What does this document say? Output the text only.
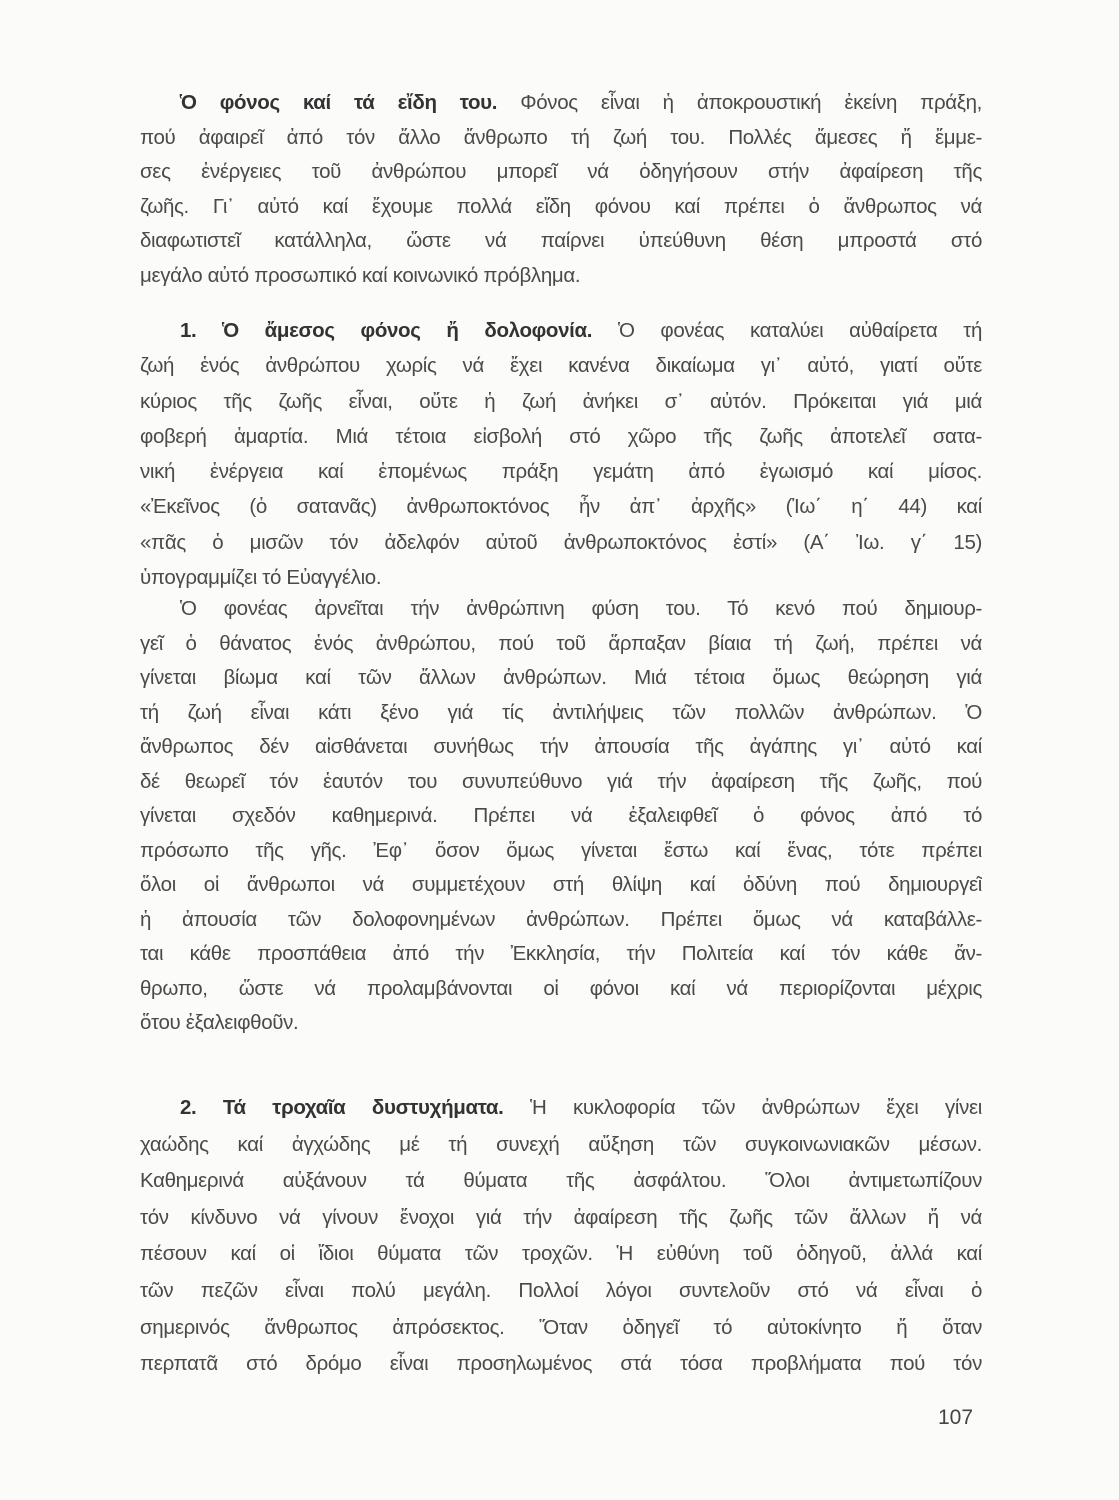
Ὁ φόνος καί τά εἴδη του. Φόνος εἶναι ἡ ἀποκρουστική ἐκείνη πράξη,
πού ἀφαιρεῖ ἀπό τόν ἄλλο ἄνθρωπο τή ζωή του. Πολλές ἄμεσες ἤ ἔμμε-
σες ἐνέργειες τοῦ ἀνθρώπου μπορεῖ νά ὁδηγήσουν στήν ἀφαίρεση τῆς
ζωῆς. Γι᾽ αὐτό καί ἔχουμε πολλά εἴδη φόνου καί πρέπει ὁ ἄνθρωπος νά
διαφωτιστεῖ κατάλληλα, ὥστε νά παίρνει ὑπεύθυνη θέση μπροστά στό
μεγάλο αὐτό προσωπικό καί κοινωνικό πρόβλημα.
1. Ὁ ἄμεσος φόνος ἤ δολοφονία. Ὁ φονέας καταλύει αὐθαίρετα τή
ζωή ἑνός ἀνθρώπου χωρίς νά ἔχει κανένα δικαίωμα γι᾽ αὐτό, γιατί οὔτε
κύριος τῆς ζωῆς εἶναι, οὔτε ἡ ζωή ἀνήκει σ᾽ αὐτόν. Πρόκειται γιά μιά
φοβερή ἁμαρτία. Μιά τέτοια εἰσβολή στό χῶρο τῆς ζωῆς ἀποτελεῖ σατα-
νική ἐνέργεια καί ἑπομένως πράξη γεμάτη ἀπό ἐγωισμό καί μίσος.
«Ἐκεῖνος (ὁ σατανᾶς) ἀνθρωποκτόνος ἦν ἀπ᾽ ἀρχῆς» (Ἰω΄ η΄ 44) καί
«πᾶς ὁ μισῶν τόν ἀδελφόν αὐτοῦ ἀνθρωποκτόνος ἐστί» (Α΄ Ἰω. γ΄ 15)
ὑπογραμμίζει τό Εὐαγγέλιο.
Ὁ φονέας ἀρνεῖται τήν ἀνθρώπινη φύση του. Τό κενό πού δημιουρ-
γεῖ ὁ θάνατος ἑνός ἀνθρώπου, πού τοῦ ἅρπαξαν βίαια τή ζωή, πρέπει νά
γίνεται βίωμα καί τῶν ἄλλων ἀνθρώπων. Μιά τέτοια ὅμως θεώρηση γιά
τή ζωή εἶναι κάτι ξένο γιά τίς ἀντιλήψεις τῶν πολλῶν ἀνθρώπων. Ὁ
ἄνθρωπος δέν αἰσθάνεται συνήθως τήν ἀπουσία τῆς ἀγάπης γι᾽ αὐτό καί
δέ θεωρεῖ τόν ἑαυτόν του συνυπεύθυνο γιά τήν ἀφαίρεση τῆς ζωῆς, πού
γίνεται σχεδόν καθημερινά. Πρέπει νά ἐξαλειφθεῖ ὁ φόνος ἀπό τό
πρόσωπο τῆς γῆς. Ἐφ᾽ ὅσον ὅμως γίνεται ἔστω καί ἕνας, τότε πρέπει
ὅλοι οἱ ἄνθρωποι νά συμμετέχουν στή θλίψη καί ὀδύνη πού δημιουργεῖ
ἡ ἀπουσία τῶν δολοφονημένων ἀνθρώπων. Πρέπει ὅμως νά καταβάλλε-
ται κάθε προσπάθεια ἀπό τήν Ἐκκλησία, τήν Πολιτεία καί τόν κάθε ἄν-
θρωπο, ὥστε νά προλαμβάνονται οἱ φόνοι καί νά περιορίζονται μέχρις
ὅτου ἐξαλειφθοῦν.
2. Τά τροχαῖα δυστυχήματα. Ἡ κυκλοφορία τῶν ἀνθρώπων ἔχει γίνει
χαώδης καί ἀγχώδης μέ τή συνεχή αὔξηση τῶν συγκοινωνιακῶν μέσων.
Καθημερινά αὐξάνουν τά θύματα τῆς ἀσφάλτου. Ὅλοι ἀντιμετωπίζουν
τόν κίνδυνο νά γίνουν ἔνοχοι γιά τήν ἀφαίρεση τῆς ζωῆς τῶν ἄλλων ἤ νά
πέσουν καί οἱ ἴδιοι θύματα τῶν τροχῶν. Ἡ εὐθύνη τοῦ ὁδηγοῦ, ἀλλά καί
τῶν πεζῶν εἶναι πολύ μεγάλη. Πολλοί λόγοι συντελοῦν στό νά εἶναι ὁ
σημερινός ἄνθρωπος ἀπρόσεκτος. Ὅταν ὁδηγεῖ τό αὐτοκίνητο ἤ ὅταν
περπατᾶ στό δρόμο εἶναι προσηλωμένος στά τόσα προβλήματα πού τόν
107
